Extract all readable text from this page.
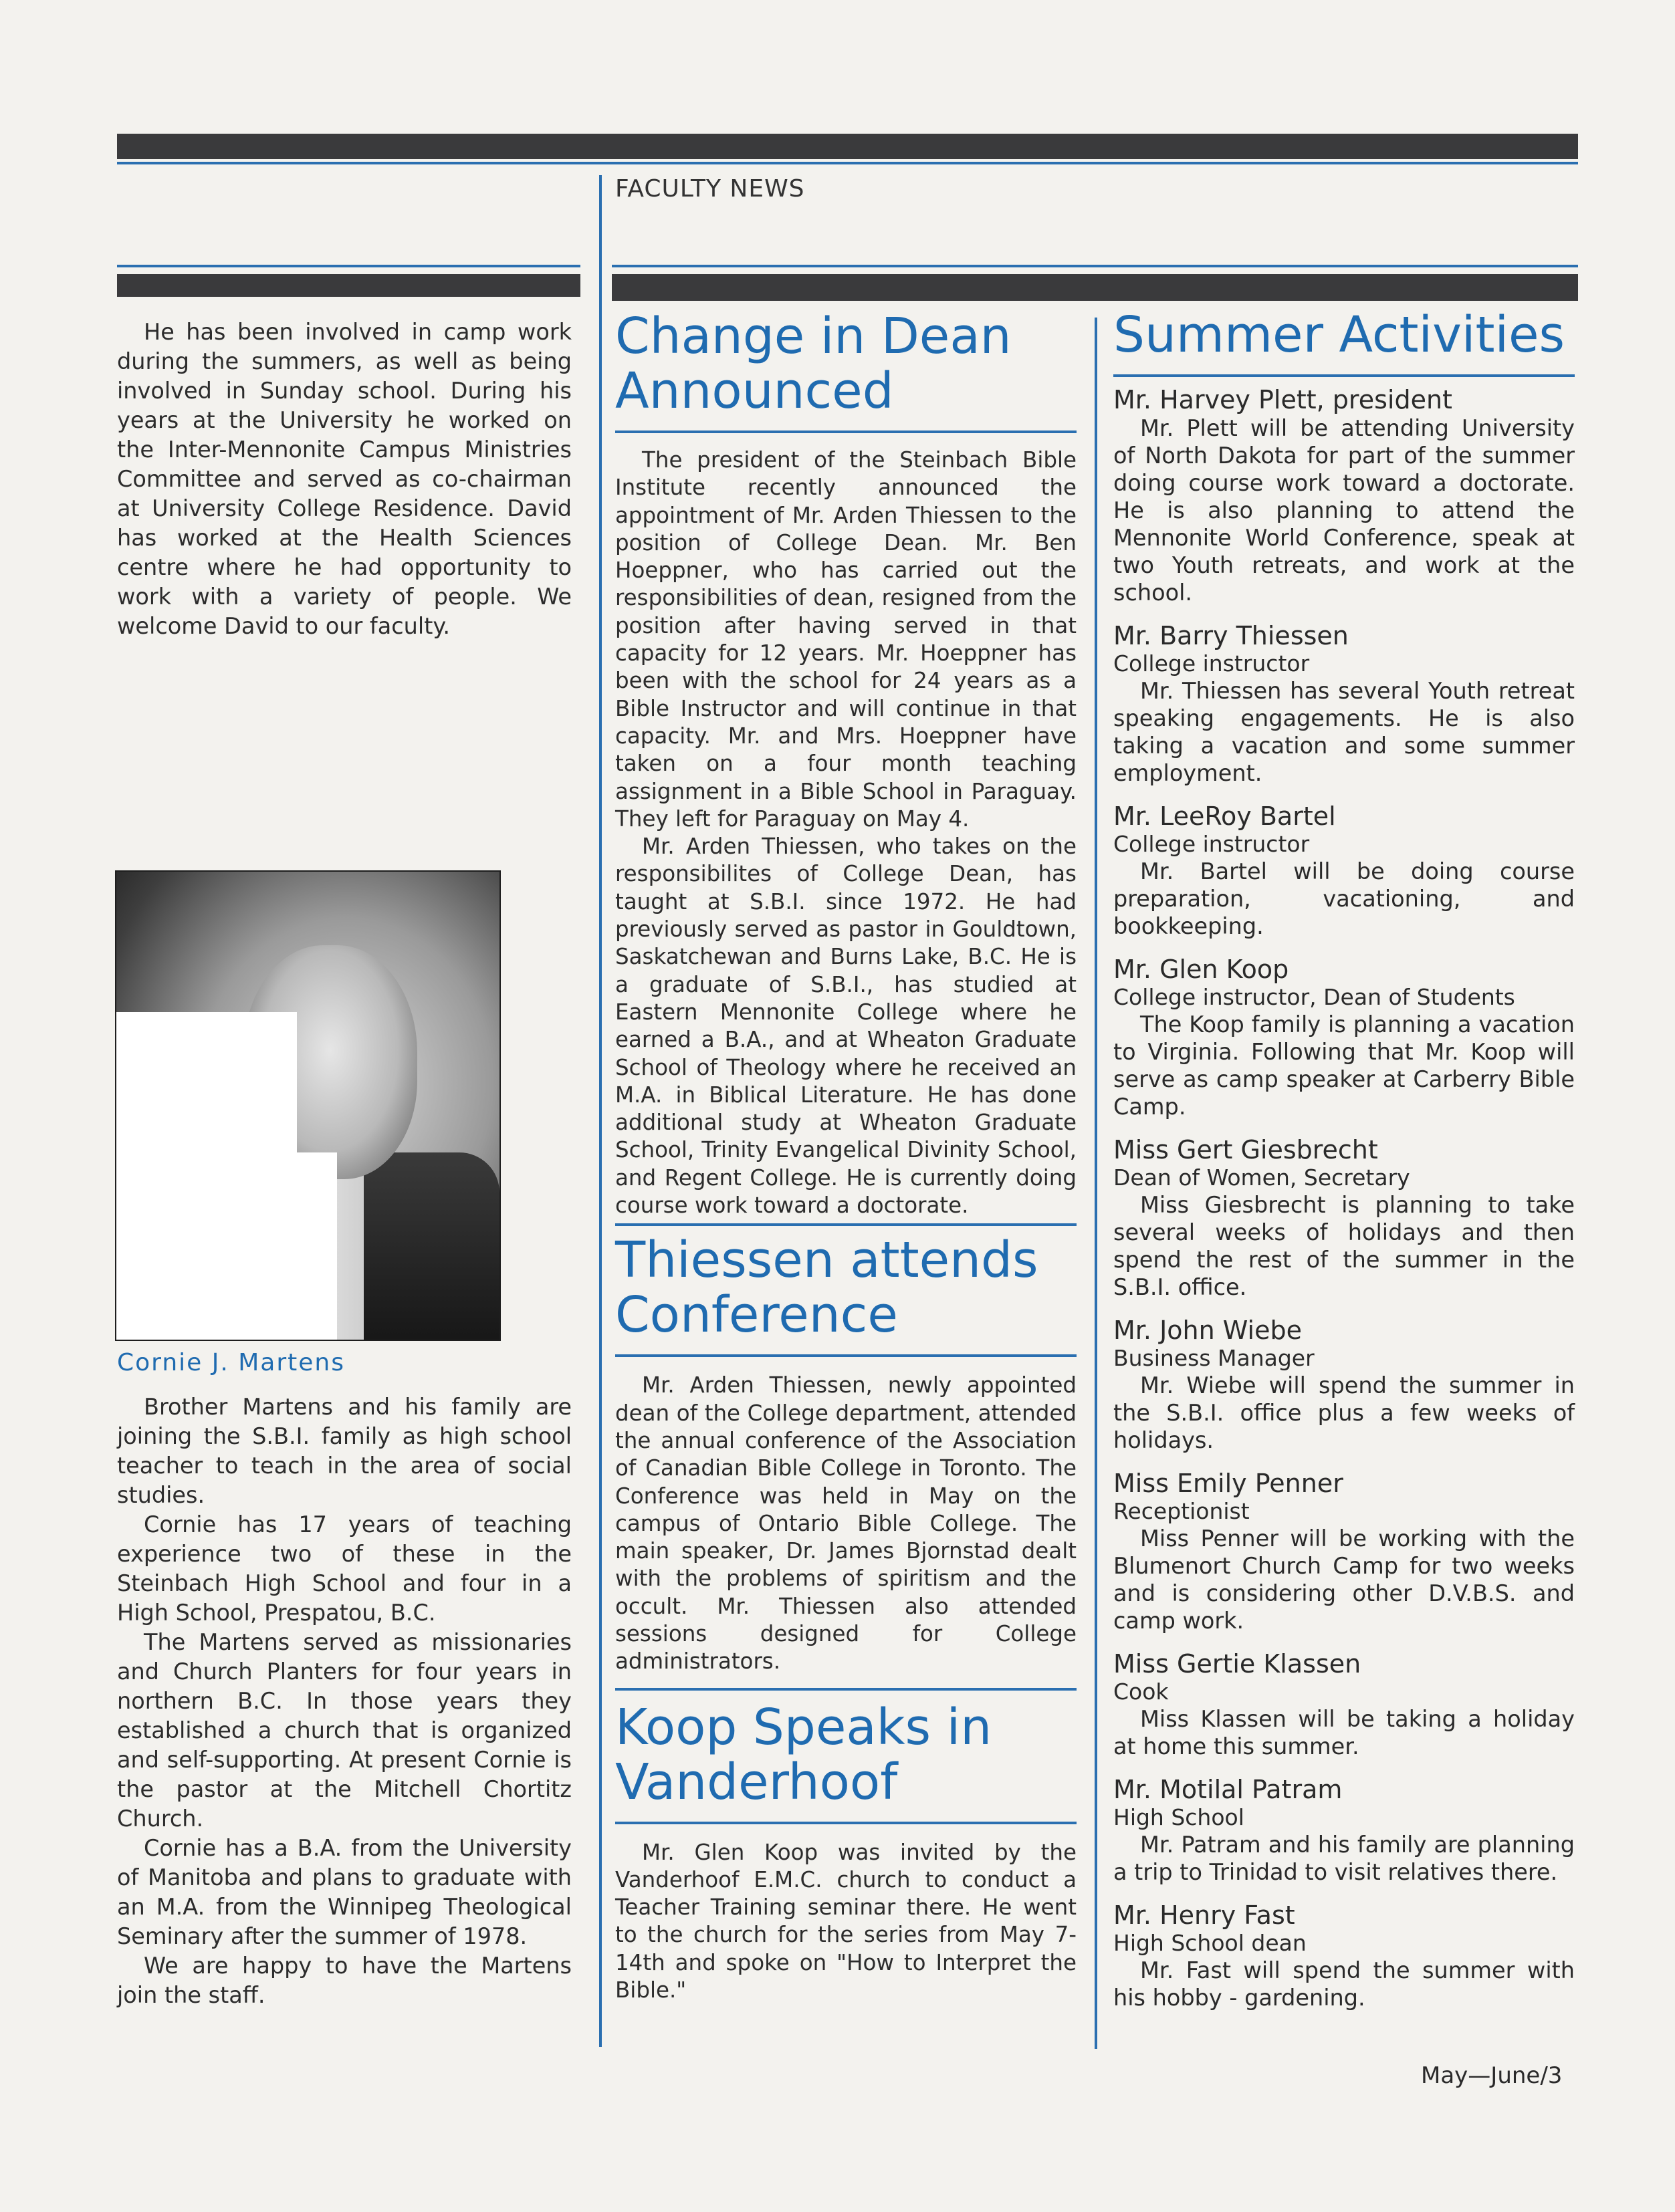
FACULTY NEWS

He has been involved in camp work during the summers, as well as being involved in Sunday school. During his years at the University he worked on the Inter-Mennonite Campus Ministries Committee and served as co-chairman at University College Residence. David has worked at the Health Sciences centre where he had opportunity to work with a variety of people. We welcome David to our faculty.

Cornie J. Martens

Brother Martens and his family are joining the S.B.I. family as high school teacher to teach in the area of social studies.

Cornie has 17 years of teaching experience two of these in the Steinbach High School and four in a High School, Prespatou, B.C.

The Martens served as missionaries and Church Planters for four years in northern B.C. In those years they established a church that is organized and self-supporting. At present Cornie is the pastor at the Mitchell Chortitz Church.

Cornie has a B.A. from the University of Manitoba and plans to graduate with an M.A. from the Winnipeg Theological Seminary after the summer of 1978.

We are happy to have the Martens join the staff.

Change in Dean Announced

The president of the Steinbach Bible Institute recently announced the appointment of Mr. Arden Thiessen to the position of College Dean. Mr. Ben Hoeppner, who has carried out the responsibilities of dean, resigned from the position after having served in that capacity for 12 years. Mr. Hoeppner has been with the school for 24 years as a Bible Instructor and will continue in that capacity. Mr. and Mrs. Hoeppner have taken on a four month teaching assignment in a Bible School in Paraguay. They left for Paraguay on May 4.

Mr. Arden Thiessen, who takes on the responsibilites of College Dean, has taught at S.B.I. since 1972. He had previously served as pastor in Gouldtown, Saskatchewan and Burns Lake, B.C. He is a graduate of S.B.I., has studied at Eastern Mennonite College where he earned a B.A., and at Wheaton Graduate School of Theology where he received an M.A. in Biblical Literature. He has done additional study at Wheaton Graduate School, Trinity Evangelical Divinity School, and Regent College. He is currently doing course work toward a doctorate.

Thiessen attends Conference

Mr. Arden Thiessen, newly appointed dean of the College department, attended the annual conference of the Association of Canadian Bible College in Toronto. The Conference was held in May on the campus of Ontario Bible College. The main speaker, Dr. James Bjornstad dealt with the problems of spiritism and the occult. Mr. Thiessen also attended sessions designed for College administrators.

Koop Speaks in Vanderhoof

Mr. Glen Koop was invited by the Vanderhoof E.M.C. church to conduct a Teacher Training seminar there. He went to the church for the series from May 7-14th and spoke on "How to Interpret the Bible."

Summer Activities
Mr. Harvey Plett, president

Mr. Plett will be attending University of North Dakota for part of the summer doing course work toward a doctorate. He is also planning to attend the Mennonite World Conference, speak at two Youth retreats, and work at the school.

Mr. Barry Thiessen
College instructor

Mr. Thiessen has several Youth retreat speaking engagements. He is also taking a vacation and some summer employment.

Mr. LeeRoy Bartel
College instructor

Mr. Bartel will be doing course preparation, vacationing, and bookkeeping.

Mr. Glen Koop
College instructor, Dean of Students

The Koop family is planning a vacation to Virginia. Following that Mr. Koop will serve as camp speaker at Carberry Bible Camp.

Miss Gert Giesbrecht
Dean of Women, Secretary

Miss Giesbrecht is planning to take several weeks of holidays and then spend the rest of the summer in the S.B.I. office.

Mr. John Wiebe
Business Manager

Mr. Wiebe will spend the summer in the S.B.I. office plus a few weeks of holidays.

Miss Emily Penner
Receptionist

Miss Penner will be working with the Blumenort Church Camp for two weeks and is considering other D.V.B.S. and camp work.

Miss Gertie Klassen
Cook

Miss Klassen will be taking a holiday at home this summer.

Mr. Motilal Patram
High School

Mr. Patram and his family are planning a trip to Trinidad to visit relatives there.

Mr. Henry Fast
High School dean

Mr. Fast will spend the summer with his hobby - gardening.

May—June/3
